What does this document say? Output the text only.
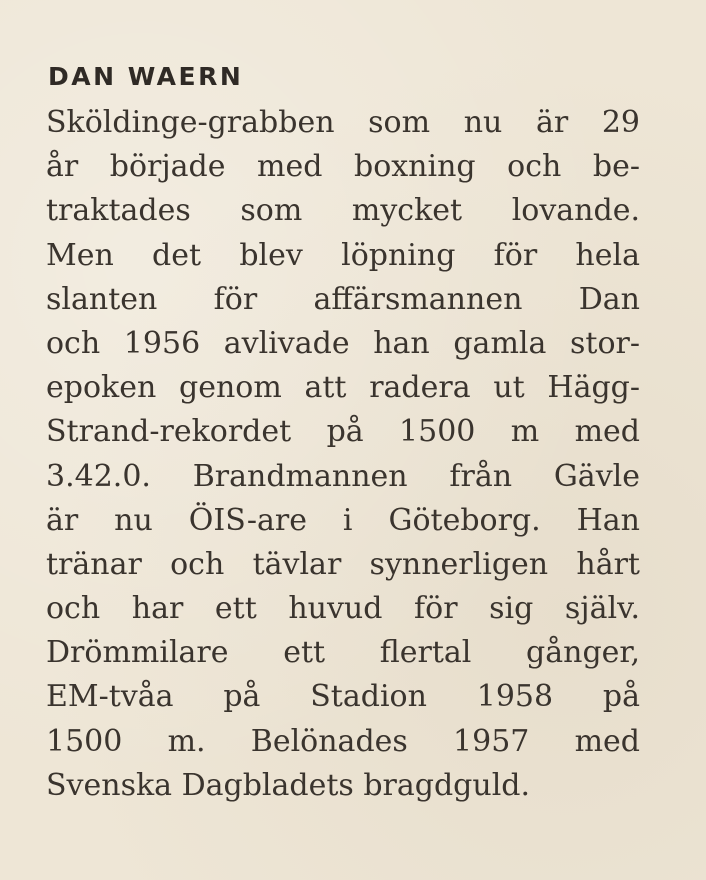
DAN WAERN

Sköldinge-grabben som nu är 29
år började med boxning och be-
traktades som mycket lovande.
Men det blev löpning för hela
slanten för affärsmannen Dan
och 1956 avlivade han gamla stor-
epoken genom att radera ut Hägg-
Strand-rekordet på 1500 m med
3.42.0. Brandmannen från Gävle
är nu ÖIS-are i Göteborg. Han
tränar och tävlar synnerligen hårt
och har ett huvud för sig själv.
Drömmilare ett flertal gånger,
EM-tvåa på Stadion 1958 på
1500 m. Belönades 1957 med
Svenska Dagbladets bragdguld.
